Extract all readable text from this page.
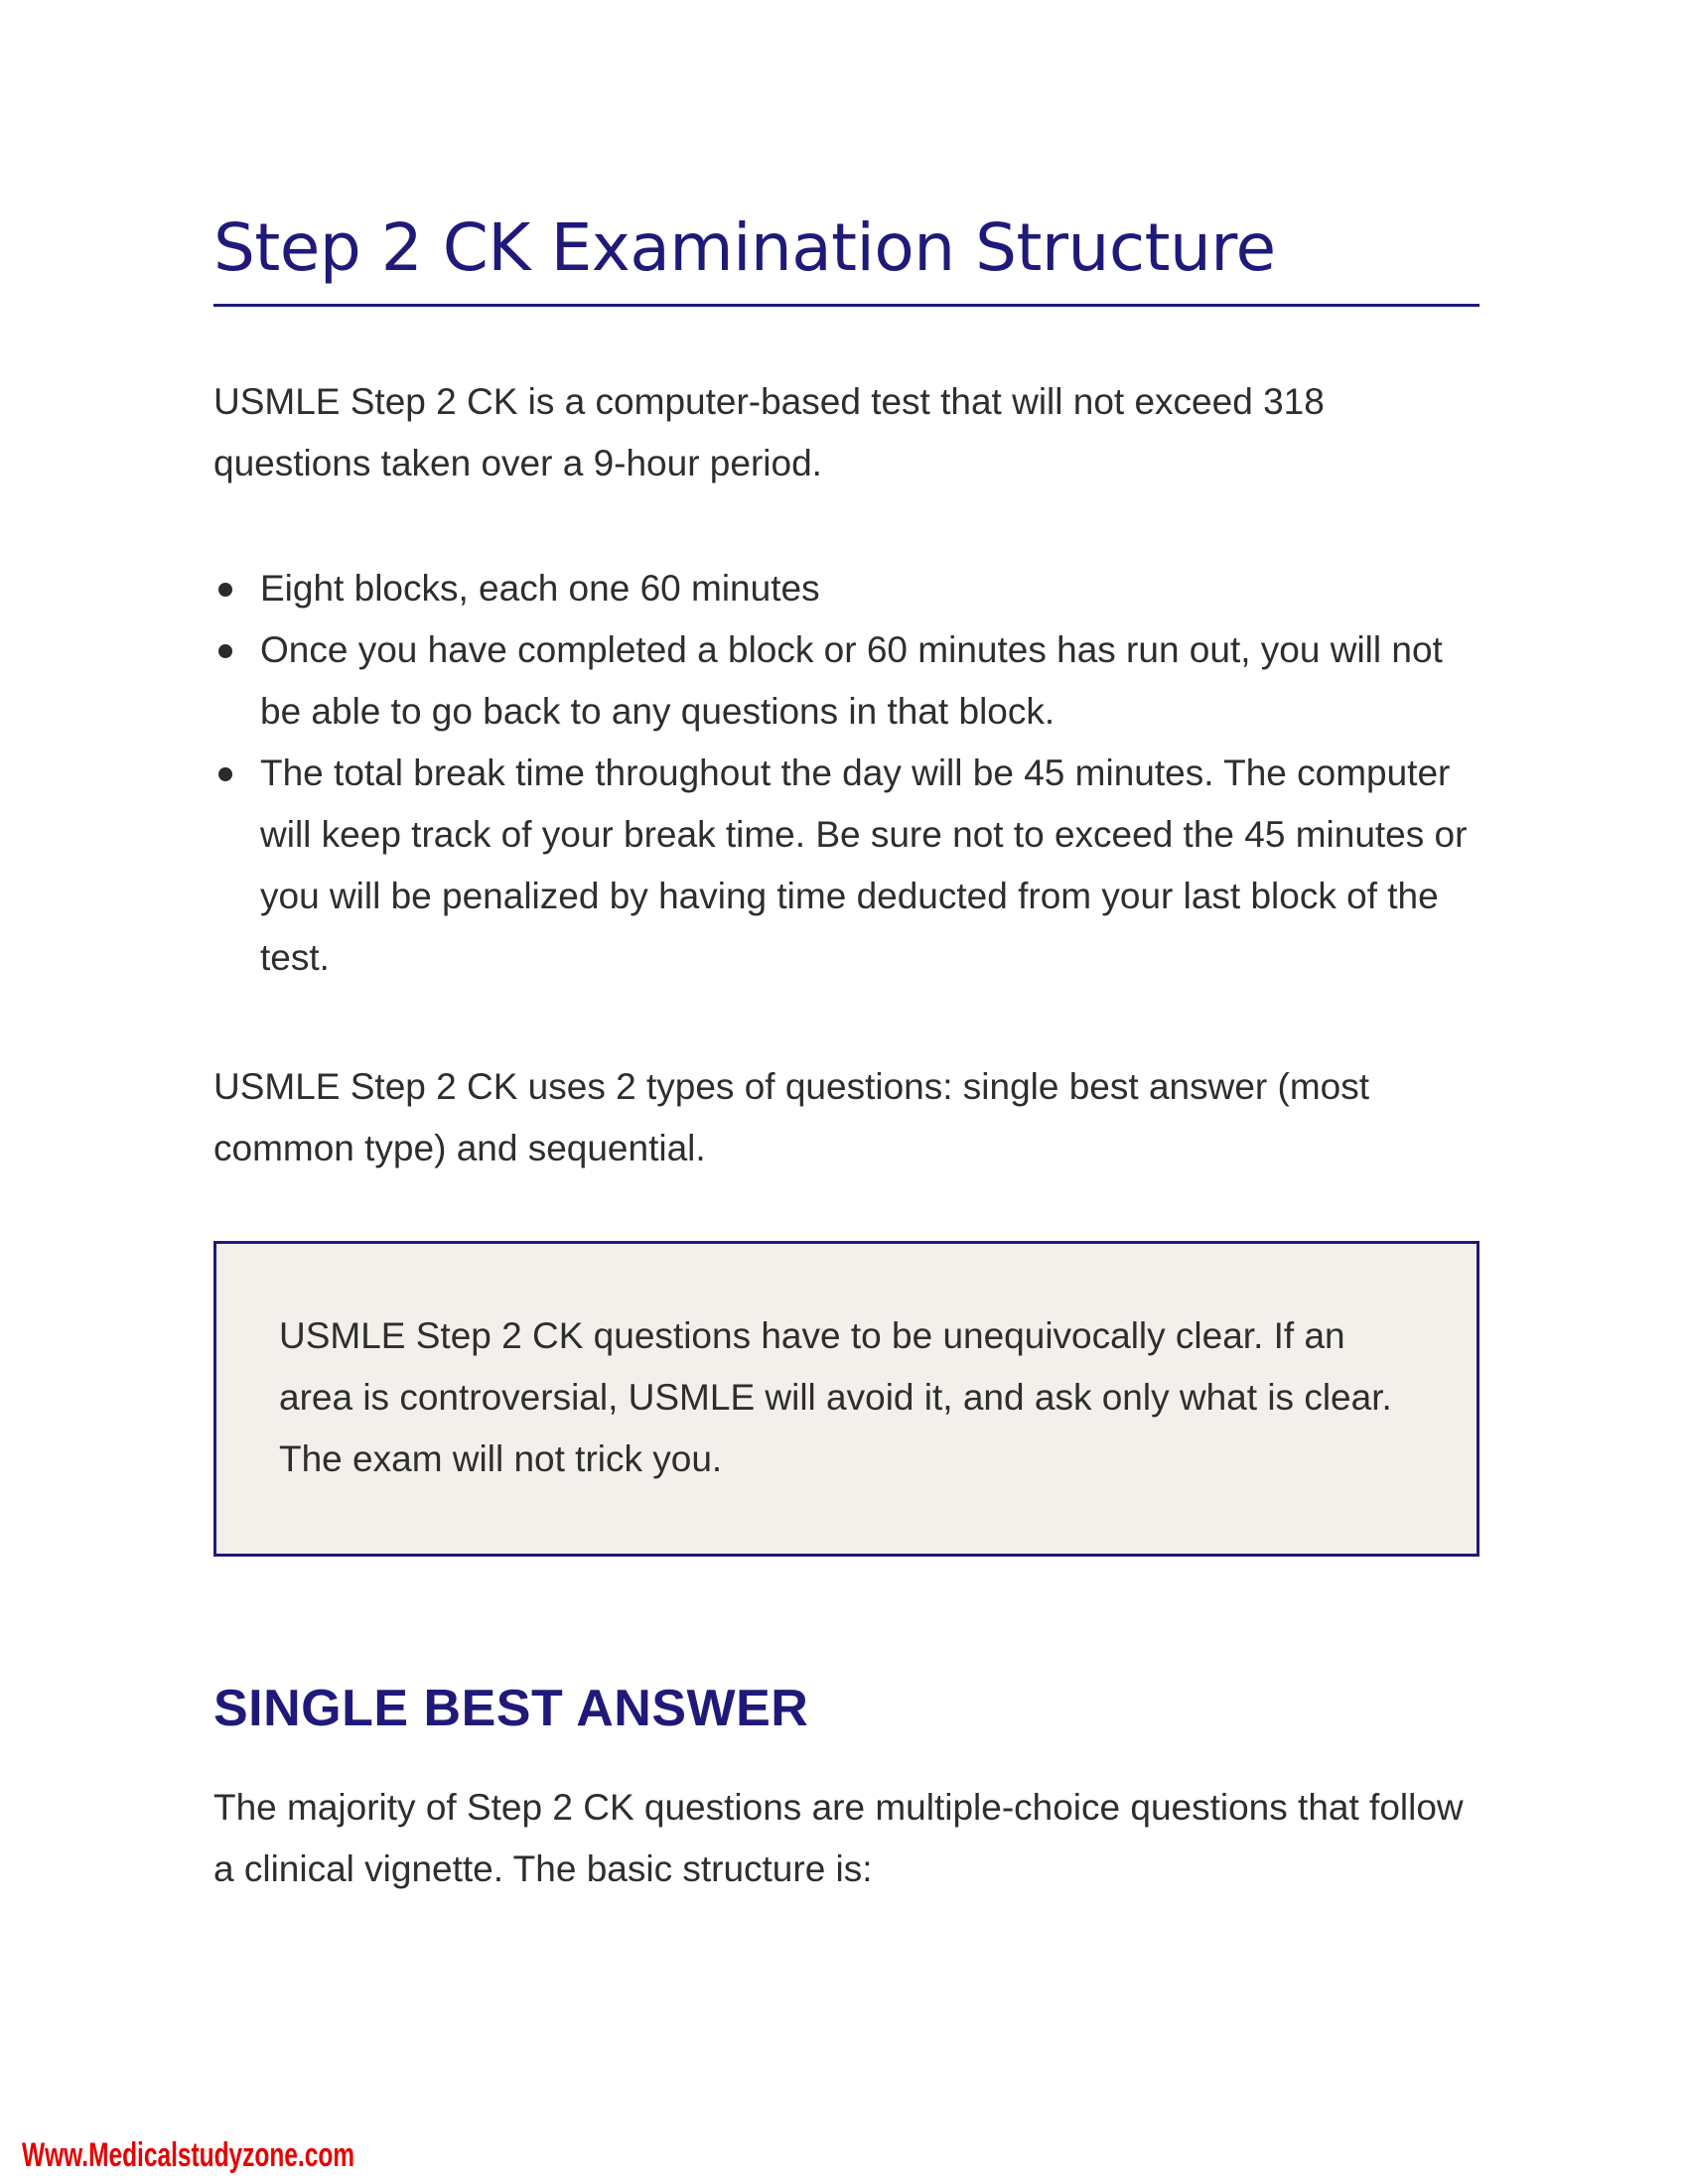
Step 2 CK Examination Structure

USMLE Step 2 CK is a computer-based test that will not exceed 318 questions taken over a 9-hour period.

Eight blocks, each one 60 minutes
Once you have completed a block or 60 minutes has run out, you will not be able to go back to any questions in that block.
The total break time throughout the day will be 45 minutes. The computer will keep track of your break time. Be sure not to exceed the 45 minutes or you will be penalized by having time deducted from your last block of the test.

USMLE Step 2 CK uses 2 types of questions: single best answer (most common type) and sequential.

USMLE Step 2 CK questions have to be unequivocally clear. If an area is controversial, USMLE will avoid it, and ask only what is clear. The exam will not trick you.

SINGLE BEST ANSWER

The majority of Step 2 CK questions are multiple-choice questions that follow a clinical vignette. The basic structure is:

Www.Medicalstudyzone.com
